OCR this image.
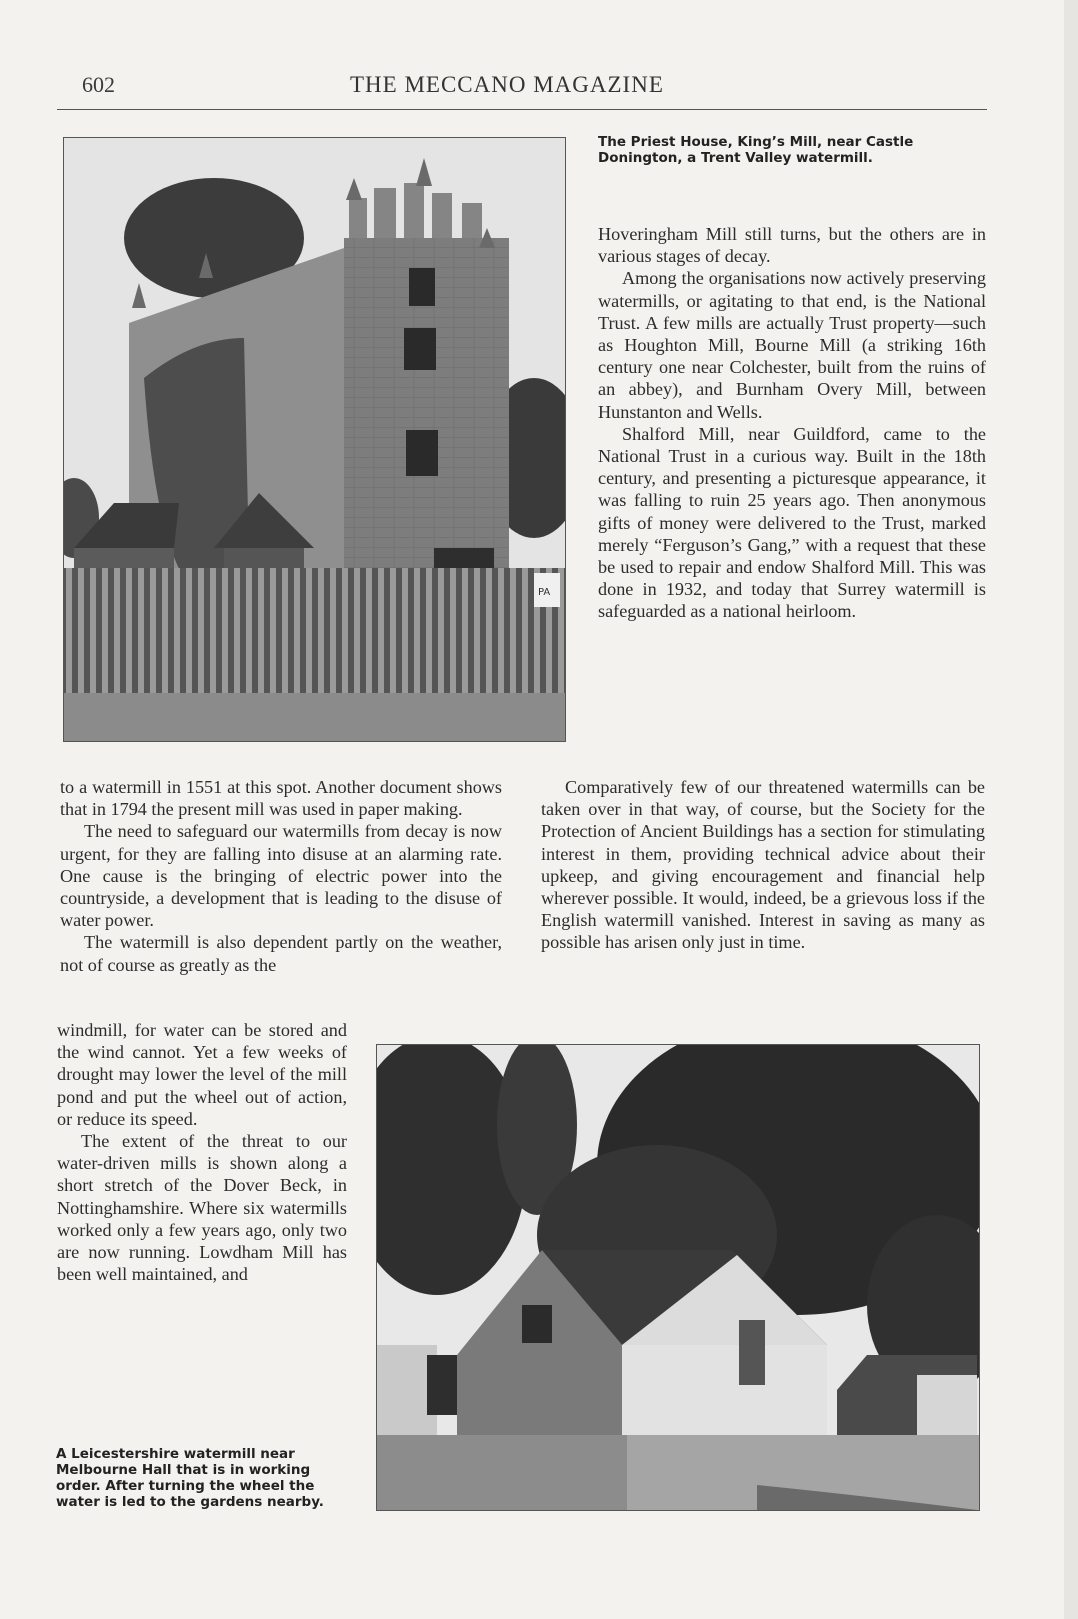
602	THE MECCANO MAGAZINE
PA
The Priest House, King’s Mill, near Castle Donington, a Trent Valley watermill.

Hoveringham Mill still turns, but the others are in various stages of decay.

Among the organisations now actively preserving watermills, or agitating to that end, is the National Trust. A few mills are actually Trust property—such as Houghton Mill, Bourne Mill (a striking 16th century one near Colchester, built from the ruins of an abbey), and Burnham Overy Mill, between Hunstanton and Wells.

Shalford Mill, near Guildford, came to the National Trust in a curious way. Built in the 18th century, and presenting a picturesque appearance, it was falling to ruin 25 years ago. Then anonymous gifts of money were delivered to the Trust, marked merely “Ferguson’s Gang,” with a request that these be used to repair and endow Shalford Mill. This was done in 1932, and today that Surrey watermill is safeguarded as a national heirloom.

to a watermill in 1551 at this spot. Another document shows that in 1794 the present mill was used in paper making.

The need to safeguard our watermills from decay is now urgent, for they are falling into disuse at an alarming rate. One cause is the bringing of electric power into the countryside, a development that is leading to the disuse of water power.

The watermill is also dependent partly on the weather, not of course as greatly as the

Comparatively few of our threatened watermills can be taken over in that way, of course, but the Society for the Protection of Ancient Buildings has a section for stimulating interest in them, providing technical advice about their upkeep, and giving encouragement and financial help wherever possible. It would, indeed, be a grievous loss if the English watermill vanished. Interest in saving as many as possible has arisen only just in time.

windmill, for water can be stored and the wind cannot. Yet a few weeks of drought may lower the level of the mill pond and put the wheel out of action, or reduce its speed.

The extent of the threat to our water-driven mills is shown along a short stretch of the Dover Beck, in Nottinghamshire. Where six watermills worked only a few years ago, only two are now running. Lowdham Mill has been well maintained, and

A Leicestershire watermill near Melbourne Hall that is in working order. After turning the wheel the water is led to the gardens nearby.
